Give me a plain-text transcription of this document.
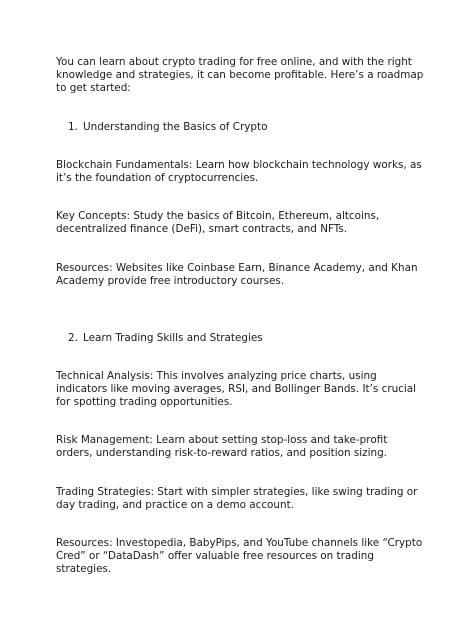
You can learn about crypto trading for free online, and with the right knowledge and strategies, it can become profitable. Here’s a roadmap to get started:

1. Understanding the Basics of Crypto

Blockchain Fundamentals: Learn how blockchain technology works, as it’s the foundation of cryptocurrencies.

Key Concepts: Study the basics of Bitcoin, Ethereum, altcoins, decentralized finance (DeFi), smart contracts, and NFTs.

Resources: Websites like Coinbase Earn, Binance Academy, and Khan Academy provide free introductory courses.

2. Learn Trading Skills and Strategies

Technical Analysis: This involves analyzing price charts, using indicators like moving averages, RSI, and Bollinger Bands. It’s crucial for spotting trading opportunities.

Risk Management: Learn about setting stop-loss and take-profit orders, understanding risk-to-reward ratios, and position sizing.

Trading Strategies: Start with simpler strategies, like swing trading or day trading, and practice on a demo account.

Resources: Investopedia, BabyPips, and YouTube channels like “Crypto Cred” or “DataDash” offer valuable free resources on trading strategies.
